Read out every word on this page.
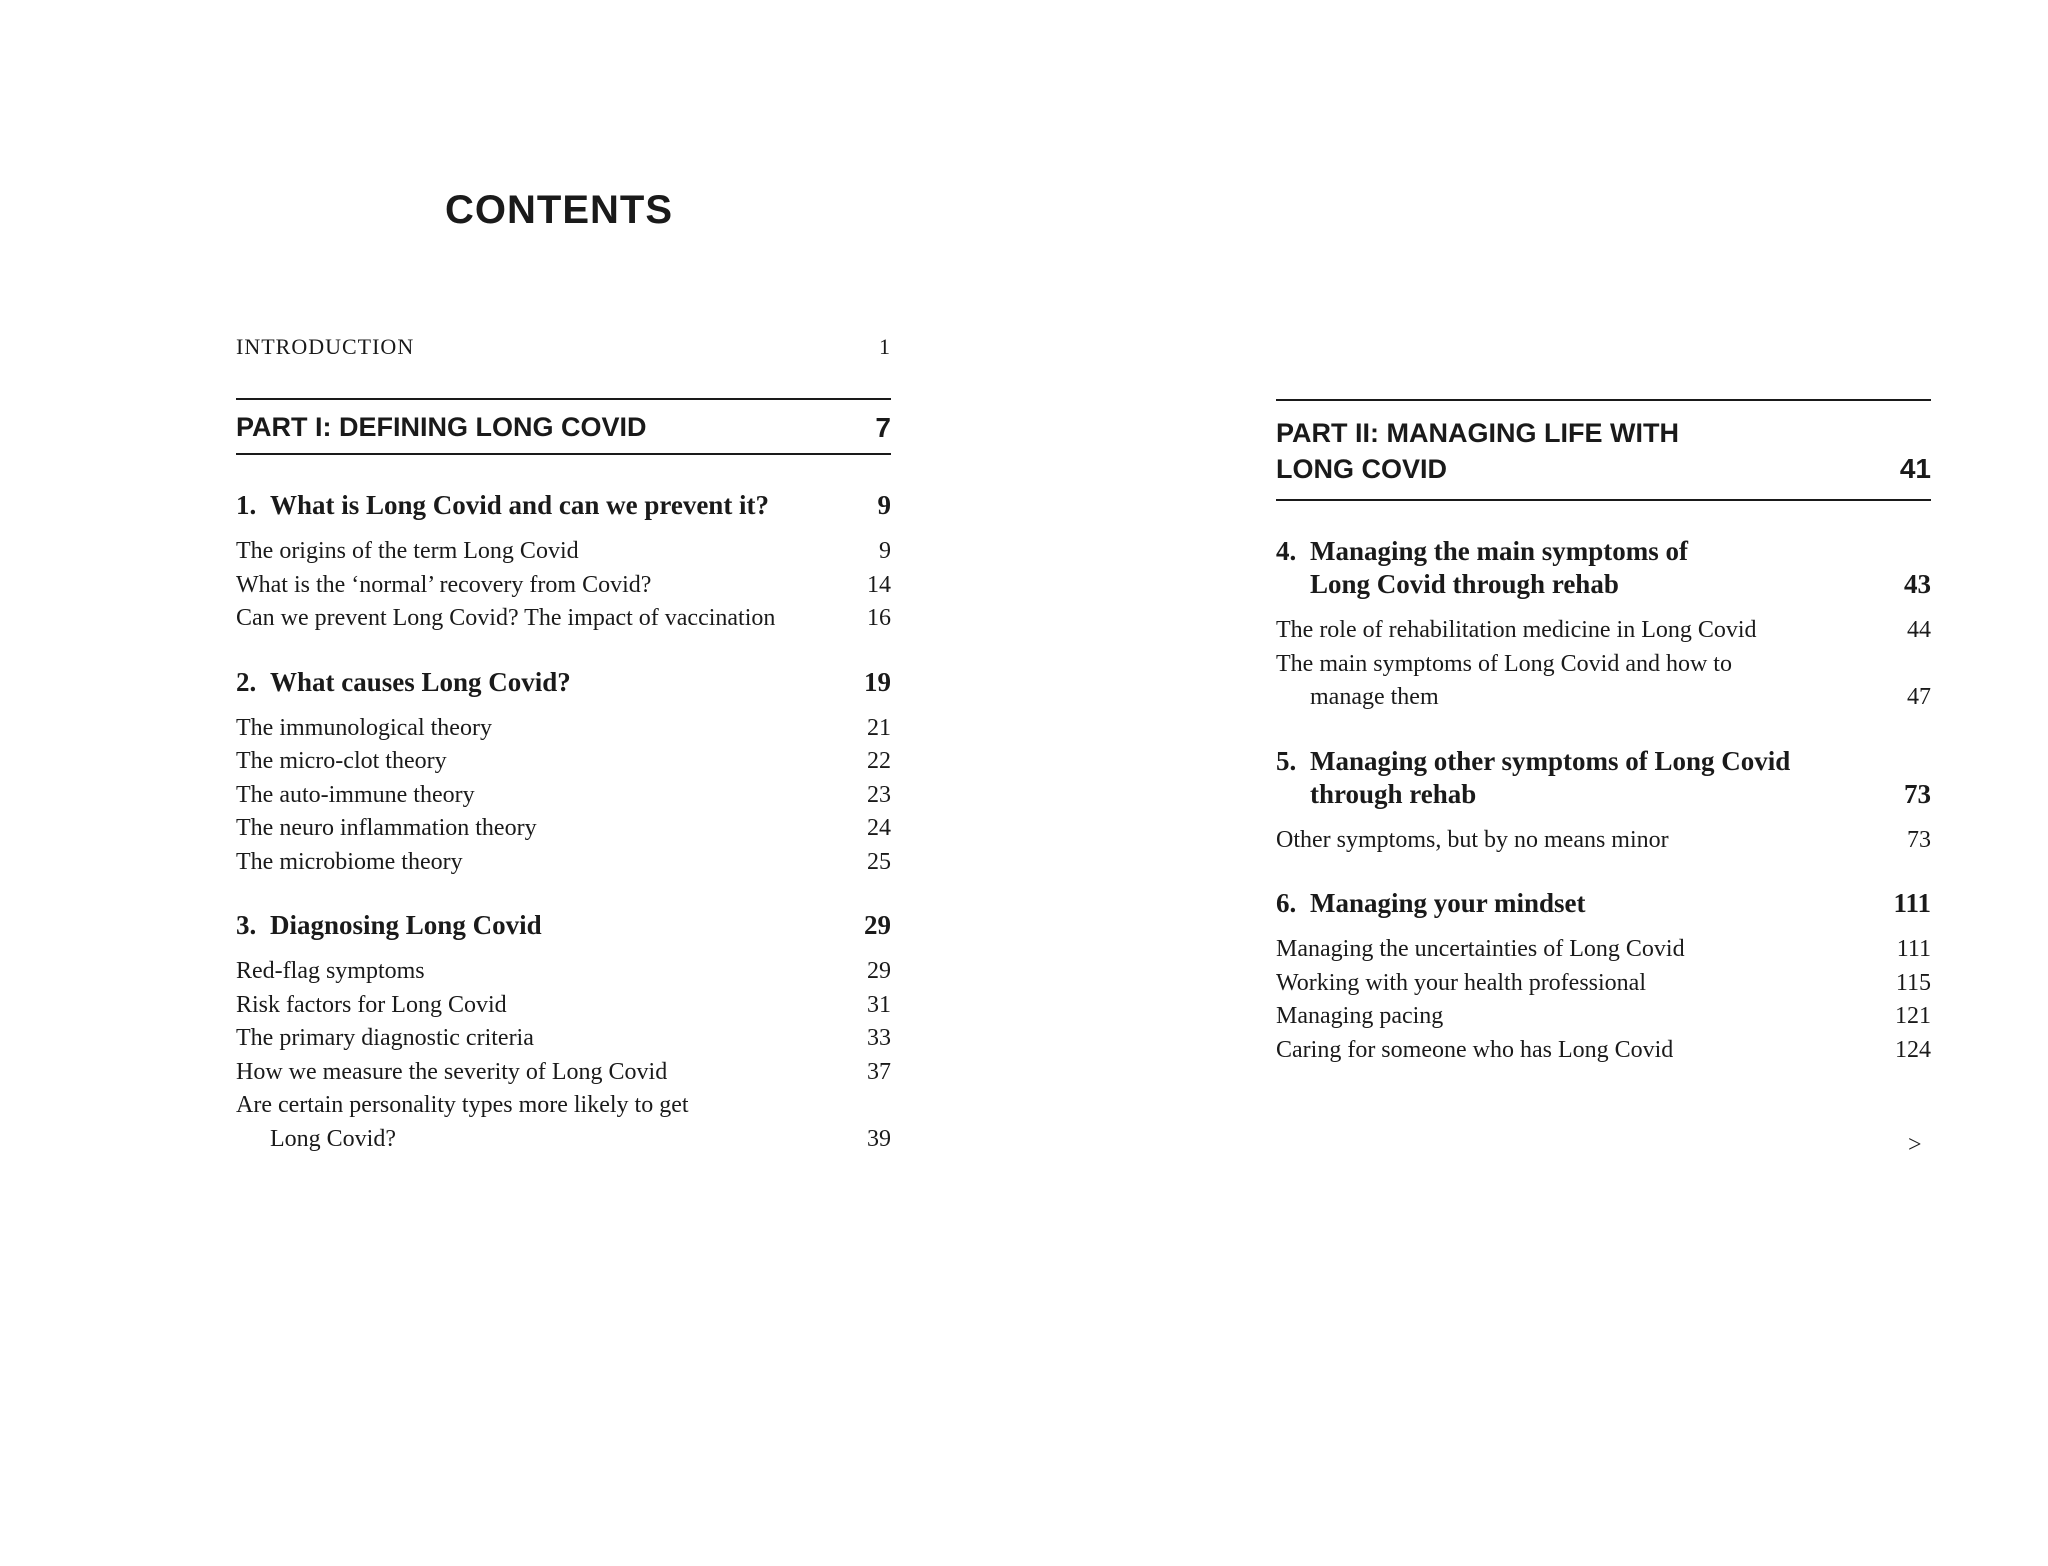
CONTENTS
INTRODUCTION	1
PART I: DEFINING LONG COVID	7
1. What is Long Covid and can we prevent it?	9
The origins of the term Long Covid	9
What is the ‘normal’ recovery from Covid?	14
Can we prevent Long Covid? The impact of vaccination	16
2. What causes Long Covid?	19
The immunological theory	21
The micro-clot theory	22
The auto-immune theory	23
The neuro inflammation theory	24
The microbiome theory	25
3. Diagnosing Long Covid	29
Red-flag symptoms	29
Risk factors for Long Covid	31
The primary diagnostic criteria	33
How we measure the severity of Long Covid	37
Are certain personality types more likely to get
Long Covid?	39
PART II: MANAGING LIFE WITH
LONG COVID	41
4. Managing the main symptoms of
Long Covid through rehab	43
The role of rehabilitation medicine in Long Covid	44
The main symptoms of Long Covid and how to
manage them	47
5. Managing other symptoms of Long Covid
through rehab	73
Other symptoms, but by no means minor	73
6. Managing your mindset	111
Managing the uncertainties of Long Covid	111
Working with your health professional	115
Managing pacing	121
Caring for someone who has Long Covid	124
>
